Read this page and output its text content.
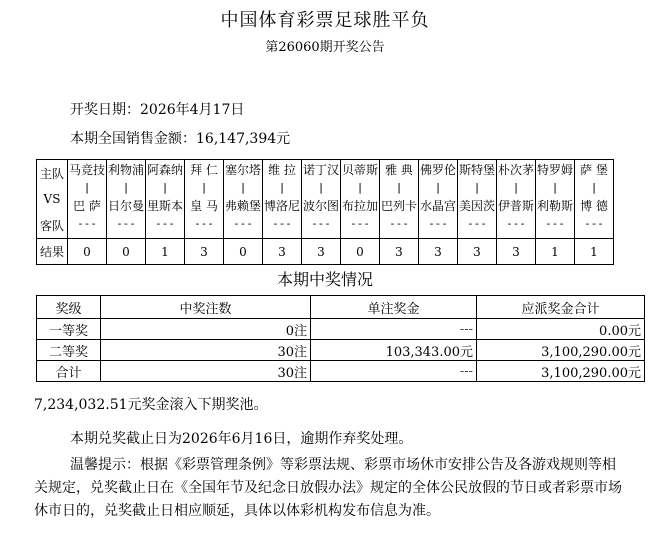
中国体育彩票足球胜平负
第26060期开奖公告
开奖日期：2026年4月17日
本期全国销售金额：16,147,394元
主队
VS
客队	马竞技
|
巴 萨
---	利物浦
|
日尔曼
---	阿森纳
|
里斯本
---	拜 仁
|
皇 马
---	塞尔塔
|
弗赖堡
---	维 拉
|
博洛尼
---	诺丁汉
|
波尔图
---	贝蒂斯
|
布拉加
---	雅 典
|
巴列卡
---	佛罗伦
|
水晶宫
---	斯特堡
|
美因茨
---	朴次茅
|
伊普斯
---	特罗姆
|
利勒斯
---	萨 堡
|
博 德
---

结果	0	0	1	3	0	3	3	0	3	3	3	3	1	1
本期中奖情况
奖级	中奖注数	单注奖金	应派奖金合计
一等奖	0注	---	0.00元
二等奖	30注	103,343.00元	3,100,290.00元
合计	30注	---	3,100,290.00元
7,234,032.51元奖金滚入下期奖池。
本期兑奖截止日为2026年6月16日，逾期作弃奖处理。
温馨提示：根据《彩票管理条例》等彩票法规、彩票市场休市安排公告及各游戏规则等相关规定，兑奖截止日在《全国年节及纪念日放假办法》规定的全体公民放假的节日或者彩票市场休市日的，兑奖截止日相应顺延，具体以体彩机构发布信息为准。
